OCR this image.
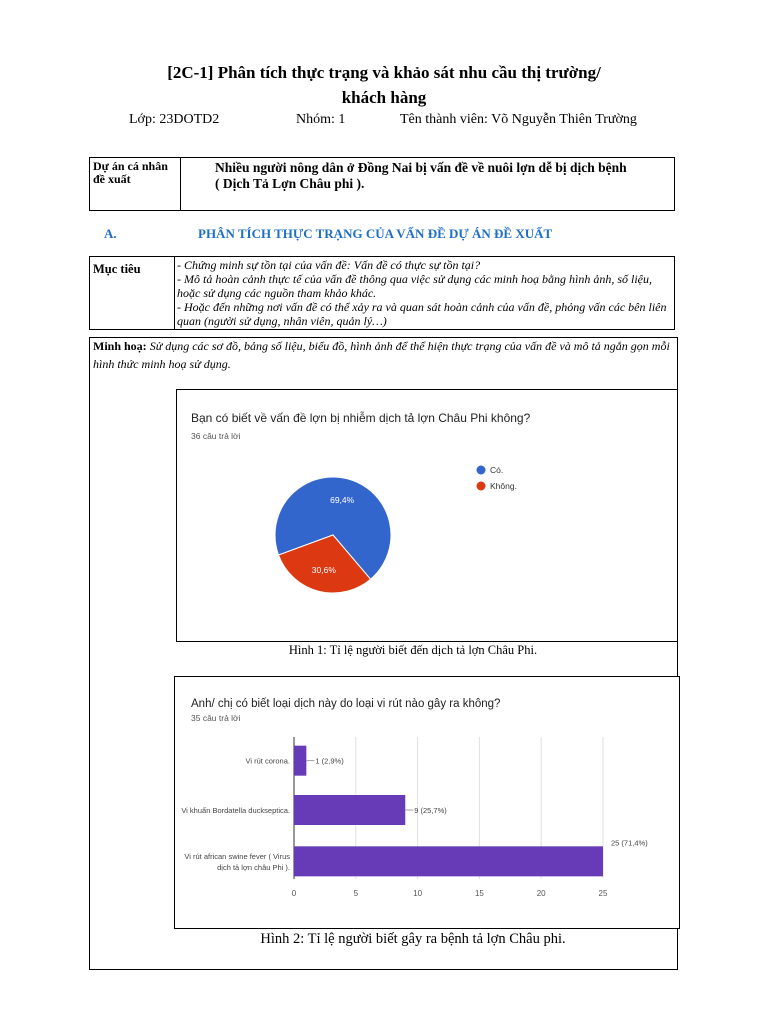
[2C-1] Phân tích thực trạng và khảo sát nhu cầu thị trường/
khách hàng
Lớp: 23DOTD2	Nhóm: 1	Tên thành viên: Võ Nguyễn Thiên Trường
Dự án cá nhân đề xuất	
Nhiều người nông dân ở Đồng Nai bị vấn đề về nuôi lợn dễ bị dịch bệnh
( Dịch Tả Lợn Châu phi ).
A.	PHÂN TÍCH THỰC TRẠNG CỦA VẤN ĐỀ DỰ ÁN ĐỀ XUẤT
Mục tiêu	- Chứng minh sự tồn tại của vấn đề: Vấn đề có thực sự tồn tại?
- Mô tả hoàn cảnh thực tế của vấn đề thông qua việc sử dụng các minh hoạ bằng hình ảnh, số liệu, hoặc sử dụng các nguồn tham khảo khác.
- Hoặc đến những nơi vấn đề có thể xảy ra và quan sát hoàn cảnh của vấn đề, phỏng vấn các bên liên quan (người sử dụng, nhân viên, quản lý…)
Minh hoạ: Sử dụng các sơ đồ, bảng số liệu, biểu đồ, hình ảnh để thể hiện thực trạng của vấn đề và mô tả ngắn gọn mỗi hình thức minh hoạ sử dụng.
Bạn có biết về vấn đề lợn bị nhiễm dịch tả lợn Châu Phi không?
36 câu trả lời
69,4%
30,6%
Có.
Không.
Hình 1: Tỉ lệ người biết đến dịch tả lợn Châu Phi.
Anh/ chị có biết loại dịch này do loại vi rút nào gây ra không?
35 câu trả lời
0	5	10	15	20	25
Vi rút corona.	1 (2,9%)
Vi khuẩn Bordatella duckseptica.	9 (25,7%)
Vi rút african swine fever ( Virus
dịch tả lợn châu Phi ).
25 (71,4%)
Hình 2: Tỉ lệ người biết gây ra bệnh tả lợn Châu phi.
